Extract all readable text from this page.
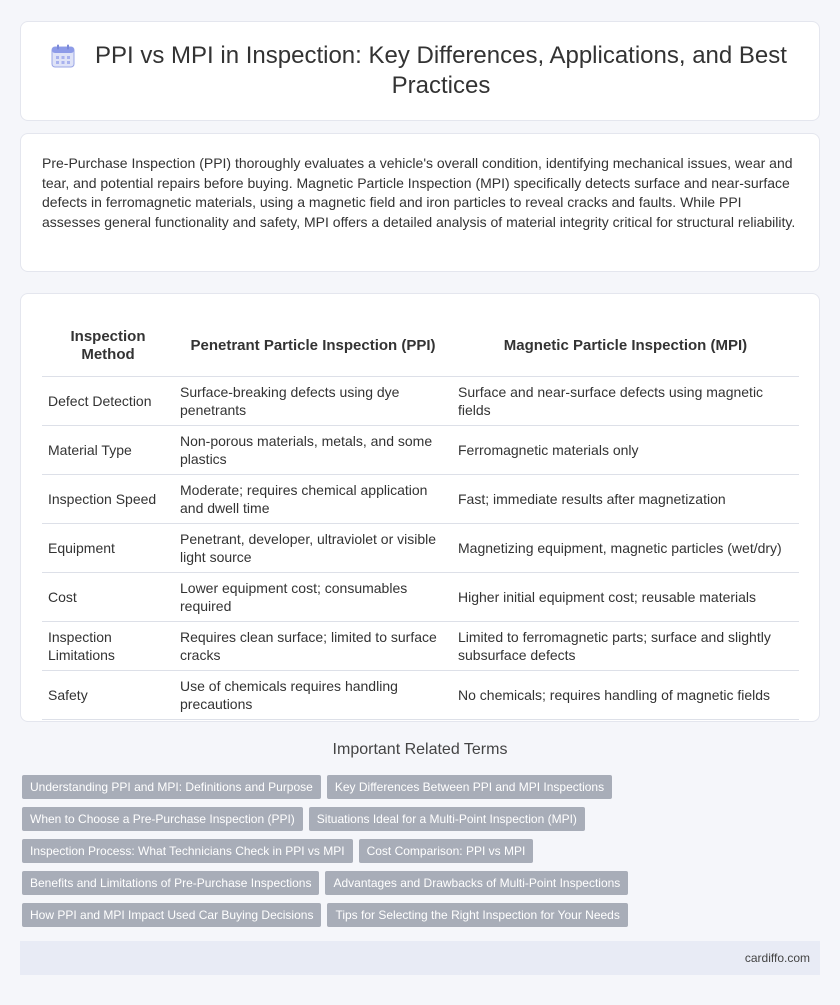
PPI vs MPI in Inspection: Key Differences, Applications, and Best Practices

Pre-Purchase Inspection (PPI) thoroughly evaluates a vehicle's overall condition, identifying mechanical issues, wear and tear, and potential repairs before buying. Magnetic Particle Inspection (MPI) specifically detects surface and near-surface defects in ferromagnetic materials, using a magnetic field and iron particles to reveal cracks and faults. While PPI assesses general functionality and safety, MPI offers a detailed analysis of material integrity critical for structural reliability.

Inspection Method	Penetrant Particle Inspection (PPI)	Magnetic Particle Inspection (MPI)
Defect Detection	Surface-breaking defects using dye penetrants	Surface and near-surface defects using magnetic fields
Material Type	Non-porous materials, metals, and some plastics	Ferromagnetic materials only
Inspection Speed	Moderate; requires chemical application and dwell time	Fast; immediate results after magnetization
Equipment	Penetrant, developer, ultraviolet or visible light source	Magnetizing equipment, magnetic particles (wet/dry)
Cost	Lower equipment cost; consumables required	Higher initial equipment cost; reusable materials
Inspection Limitations	Requires clean surface; limited to surface cracks	Limited to ferromagnetic parts; surface and slightly subsurface defects
Safety	Use of chemicals requires handling precautions	No chemicals; requires handling of magnetic fields
Important Related Terms
Understanding PPI and MPI: Definitions and Purpose	Key Differences Between PPI and MPI Inspections
When to Choose a Pre-Purchase Inspection (PPI)	Situations Ideal for a Multi-Point Inspection (MPI)
Inspection Process: What Technicians Check in PPI vs MPI	Cost Comparison: PPI vs MPI
Benefits and Limitations of Pre-Purchase Inspections	Advantages and Drawbacks of Multi-Point Inspections
How PPI and MPI Impact Used Car Buying Decisions	Tips for Selecting the Right Inspection for Your Needs
cardiffo.com
